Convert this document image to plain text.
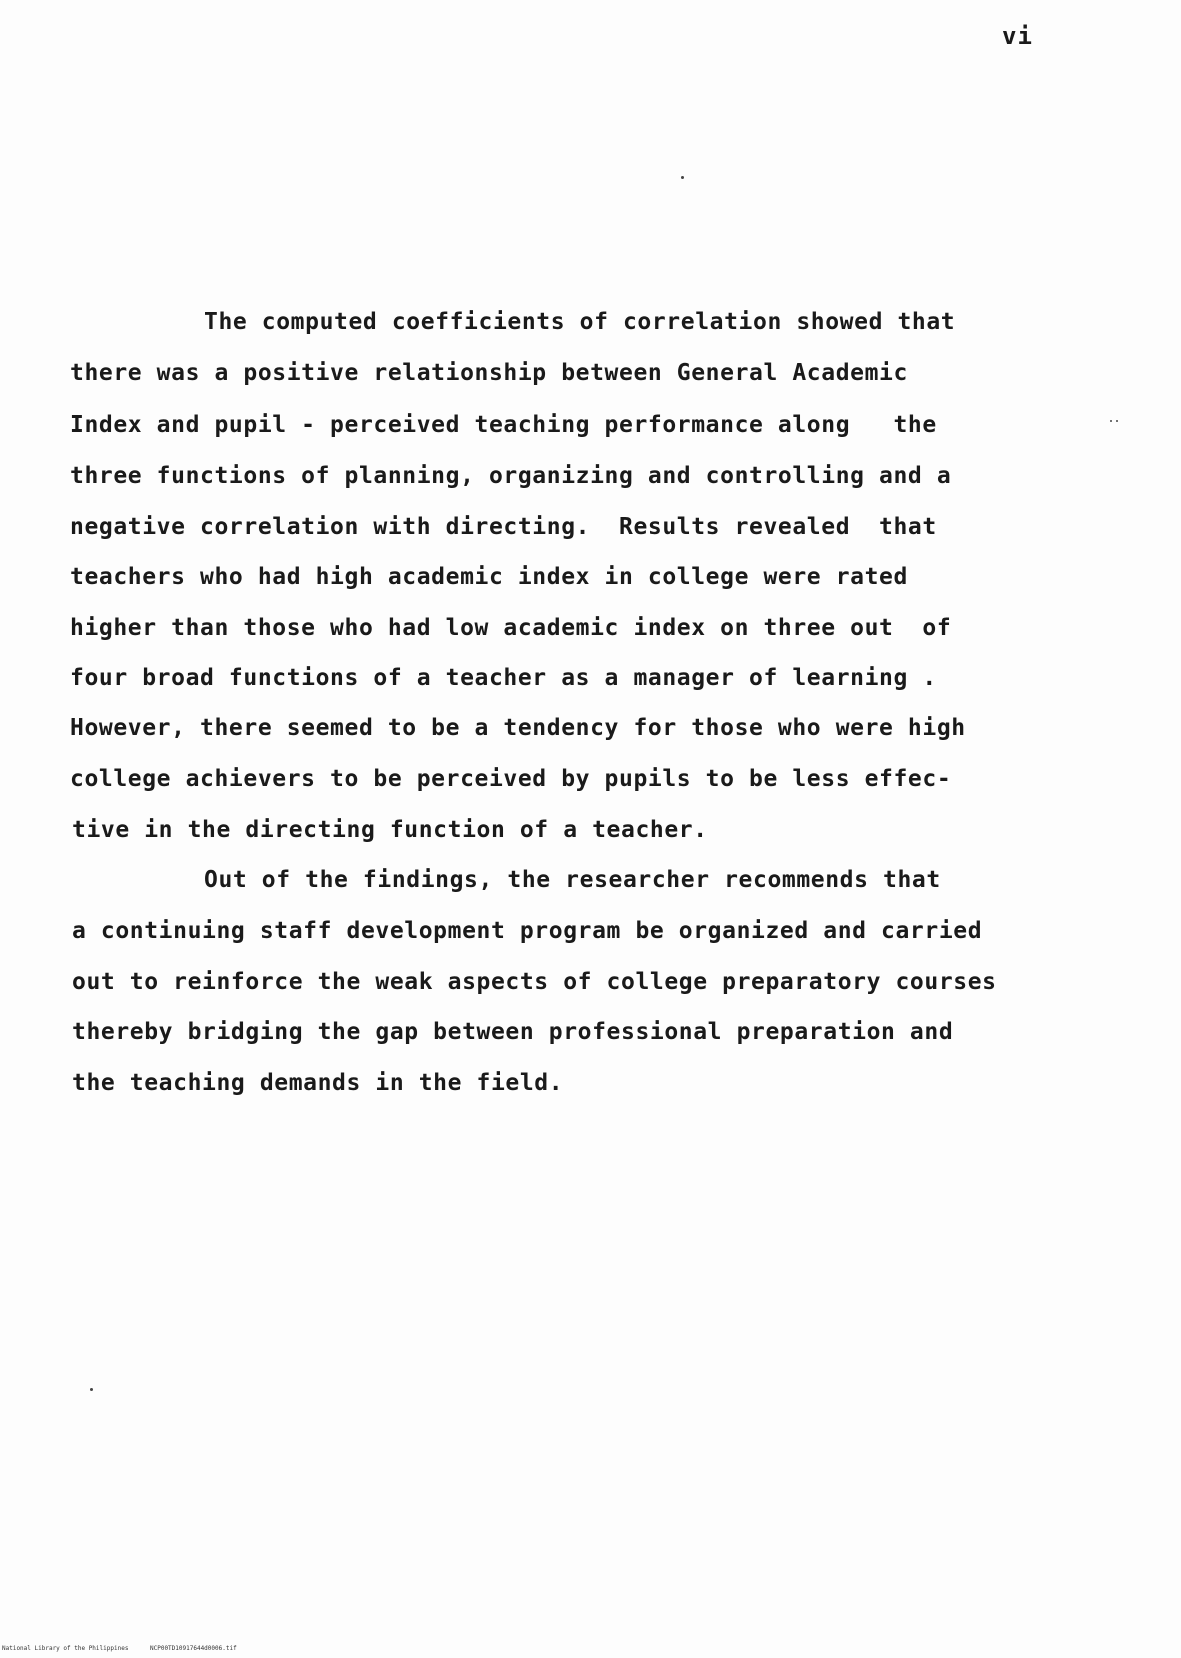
vi
The computed coefficients of correlation showed that
there was a positive relationship between General Academic
Index and pupil - perceived teaching performance along   the
three functions of planning, organizing and controlling and a
negative correlation with directing.  Results revealed  that
teachers who had high academic index in college were rated
higher than those who had low academic index on three out  of
four broad functions of a teacher as a manager of learning .
However, there seemed to be a tendency for those who were high
college achievers to be perceived by pupils to be less effec-
tive in the directing function of a teacher.
Out of the findings, the researcher recommends that
a continuing staff development program be organized and carried
out to reinforce the weak aspects of college preparatory courses
thereby bridging the gap between professional preparation and
the teaching demands in the field.
National Library of the Philippines	NCP00TD10917644d0006.tif
